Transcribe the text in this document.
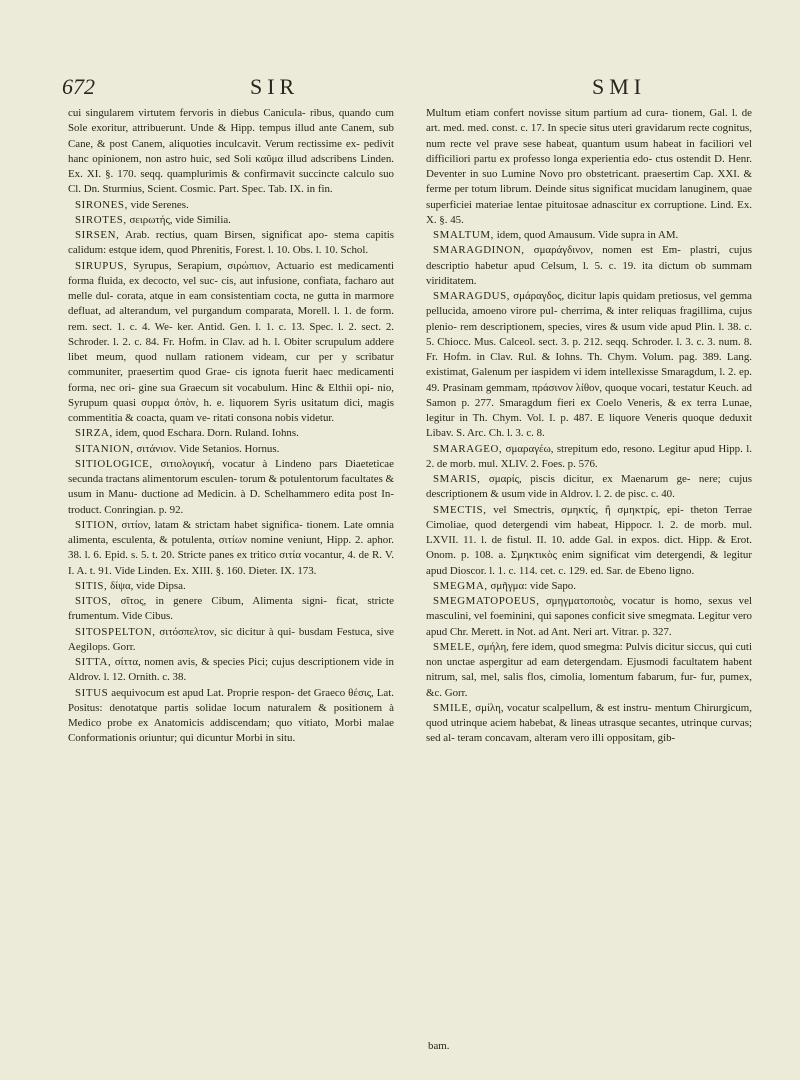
672	SIR	SMI

cui singularem virtutem fervoris in diebus Canicula- ribus, quando cum Sole exoritur, attribuerunt. Unde & Hipp. tempus illud ante Canem, sub Cane, & post Canem, aliquoties inculcavit. Verum rectissime ex- pedivit hanc opinionem, non astro huic, sed Soli καῦμα illud adscribens Linden. Ex. XI. §. 170. seqq. quamplurimis & confirmavit succincte calculo suo Cl. Dn. Sturmius, Scient. Cosmic. Part. Spec. Tab. IX. in fin.

SIRONES, vide Serenes.

SIROTES, σειρωτής, vide Similia.

SIRSEN, Arab. rectius, quam Birsen, significat apo- stema capitis calidum: estque idem, quod Phrenitis, Forest. l. 10. Obs. l. 10. Schol.

SIRUPUS, Syrupus, Serapium, σιρώπιον, Actuario est medicamenti forma fluida, ex decocto, vel suc- cis, aut infusione, confiata, facharo aut melle dul- corata, atque in eam consistentiam cocta, ne gutta in marmore defluat, ad alterandum, vel purgandum comparata, Morell. l. 1. de form. rem. sect. 1. c. 4. We- ker. Antid. Gen. l. 1. c. 13. Spec. l. 2. sect. 2. Schroder. l. 2. c. 84. Fr. Hofm. in Clav. ad h. l. Obiter scrupulum addere libet meum, quod nullam rationem videam, cur per y scribatur communiter, praesertim quod Grae- cis ignota fuerit haec medicamenti forma, nec ori- gine sua Graecum sit vocabulum. Hinc & Elthii opi- nio, Syrupum quasi συρμα ὀπὸν, h. e. liquorem Syris usitatum dici, magis commentitia & coacta, quam ve- ritati consona nobis videtur.

SIRZA, idem, quod Eschara. Dorn. Ruland. Iohns.

SITANION, σιτάνιον. Vide Setanios. Hornus.

SITIOLOGICE, σιτιολογική, vocatur à Lindeno pars Diaeteticae secunda tractans alimentorum esculen- torum & potulentorum facultates & usum in Manu- ductione ad Medicin. à D. Schelhammero edita post In- troduct. Conringian. p. 92.

SITION, σιτίον, latam & strictam habet significa- tionem. Late omnia alimenta, esculenta, & potulenta, σιτίων nomine veniunt, Hipp. 2. aphor. 38. l. 6. Epid. s. 5. t. 20. Stricte panes ex tritico σιτία vocantur, 4. de R. V. I. A. t. 91. Vide Linden. Ex. XIII. §. 160. Dieter. IX. 173.

SITIS, δίψα, vide Dipsa.

SITOS, σῖτος, in genere Cibum, Alimenta signi- ficat, stricte frumentum. Vide Cibus.

SITOSPELTON, σιτόσπελτον, sic dicitur à qui- busdam Festuca, sive Aegilops. Gorr.

SITTA, σίττα, nomen avis, & species Pici; cujus descriptionem vide in Aldrov. l. 12. Ornith. c. 38.

SITUS aequivocum est apud Lat. Proprie respon- det Graeco θέσις, Lat. Positus: denotatque partis solidae locum naturalem & positionem à Medico probe ex Anatomicis addiscendam; quo vitiato, Morbi malae Conformationis oriuntur; qui dicuntur Morbi in situ.

Multum etiam confert novisse situm partium ad cura- tionem, Gal. l. de art. med. med. const. c. 17. In specie situs uteri gravidarum recte cognitus, num recte vel prave sese habeat, quantum usum habeat in faciliori vel difficiliori partu ex professo longa experientia edo- ctus ostendit D. Henr. Deventer in suo Lumine Novo pro obstetricant. praesertim Cap. XXI. & ferme per totum librum. Deinde situs significat mucidam lanuginem, quae superficiei materiae lentae pituitosae adnascitur ex corruptione. Lind. Ex. X. §. 45.

SMALTUM, idem, quod Amausum. Vide supra in AM.

SMARAGDINON, σμαράγδινον, nomen est Em- plastri, cujus descriptio habetur apud Celsum, l. 5. c. 19. ita dictum ob summam viriditatem.

SMARAGDUS, σμάραγδος, dicitur lapis quidam pretiosus, vel gemma pellucida, amoeno virore pul- cherrima, & inter reliquas fragillima, cujus plenio- rem descriptionem, species, vires & usum vide apud Plin. l. 38. c. 5. Chiocc. Mus. Calceol. sect. 3. p. 212. seqq. Schroder. l. 3. c. 3. num. 8. Fr. Hofm. in Clav. Rul. & Iohns. Th. Chym. Volum. pag. 389. Lang. existimat, Galenum per iaspidem vi idem intellexisse Smaragdum, l. 2. ep. 49. Prasinam gemmam, πράσινον λίθον, quoque vocari, testatur Keuch. ad Samon p. 277. Smaragdum fieri ex Coelo Veneris, & ex terra Lunae, legitur in Th. Chym. Vol. I. p. 487. E liquore Veneris quoque deduxit Libav. S. Arc. Ch. l. 3. c. 8.

SMARAGEO, σμαραγέω, strepitum edo, resono. Legitur apud Hipp. l. 2. de morb. mul. XLIV. 2. Foes. p. 576.

SMARIS, σμαρίς, piscis dicitur, ex Maenarum ge- nere; cujus descriptionem & usum vide in Aldrov. l. 2. de pisc. c. 40.

SMECTIS, vel Smectris, σμηκτίς, ἢ σμηκτρίς, epi- theton Terrae Cimoliae, quod detergendi vim habeat, Hippocr. l. 2. de morb. mul. LXVII. 11. l. de fistul. II. 10. adde Gal. in expos. dict. Hipp. & Erot. Onom. p. 108. a. Σμηκτικὸς enim significat vim detergendi, & legitur apud Dioscor. l. 1. c. 114. cet. c. 129. ed. Sar. de Ebeno ligno.

SMEGMA, σμῆγμα: vide Sapo.

SMEGMATOPOEUS, σμηγματοποιὸς, vocatur is homo, sexus vel masculini, vel foeminini, qui sapones conficit sive smegmata. Legitur vero apud Chr. Merett. in Not. ad Ant. Neri art. Vitrar. p. 327.

SMELE, σμήλη, fere idem, quod smegma: Pulvis dicitur siccus, qui cuti non unctae aspergitur ad eam detergendam. Ejusmodi facultatem habent nitrum, sal, mel, salis flos, cimolia, lomentum fabarum, fur- fur, pumex, &c. Gorr.

SMILE, σμίλη, vocatur scalpellum, & est instru- mentum Chirurgicum, quod utrinque aciem habebat, & lineas utrasque secantes, utrinque curvas; sed al- teram concavam, alteram vero illi oppositam, gib-

bam.
